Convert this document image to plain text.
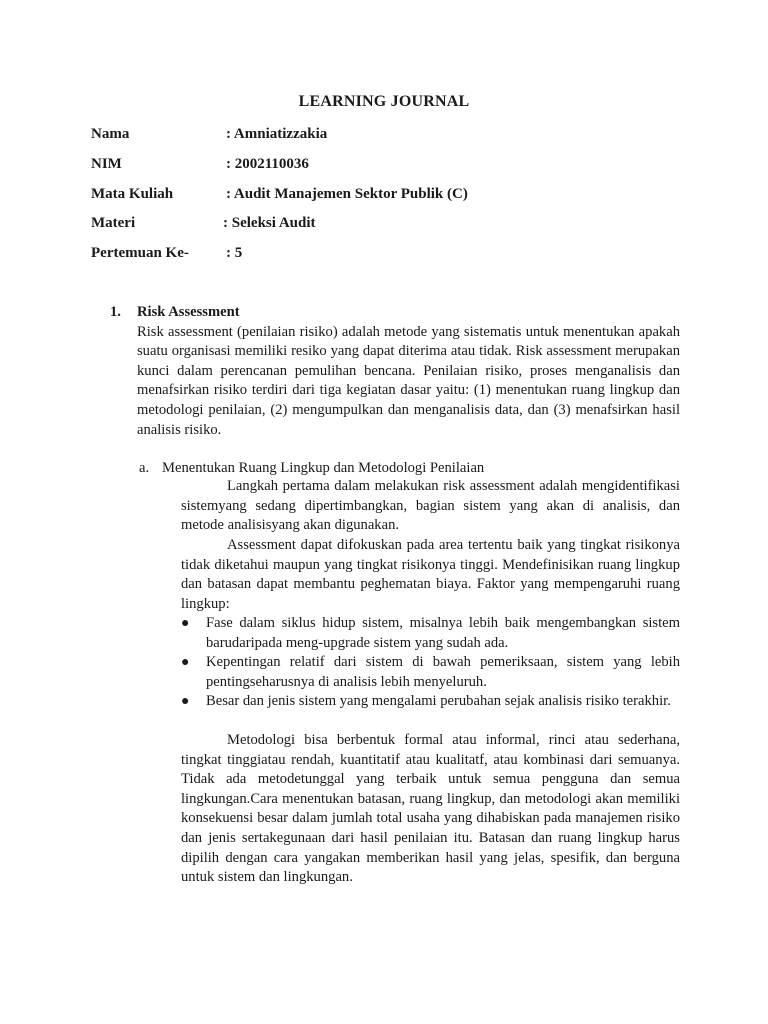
LEARNING JOURNAL
Nama	: Amniatizzakia
NIM	: 2002110036
Mata Kuliah	: Audit Manajemen Sektor Publik (C)
Materi	: Seleksi Audit
Pertemuan Ke- : 5
1. Risk Assessment

Risk assessment (penilaian risiko) adalah metode yang sistematis untuk menentukan apakah suatu organisasi memiliki resiko yang dapat diterima atau tidak. Risk assessment merupakan kunci dalam perencanan pemulihan bencana. Penilaian risiko, proses menganalisis dan menafsirkan risiko terdiri dari tiga kegiatan dasar yaitu: (1) menentukan ruang lingkup dan metodologi penilaian, (2) mengumpulkan dan menganalisis data, dan (3) menafsirkan hasil analisis risiko.

a. Menentukan Ruang Lingkup dan Metodologi Penilaian

Langkah pertama dalam melakukan risk assessment adalah mengidentifikasi sistemyang sedang dipertimbangkan, bagian sistem yang akan di analisis, dan metode analisisyang akan digunakan.

Assessment dapat difokuskan pada area tertentu baik yang tingkat risikonya tidak diketahui maupun yang tingkat risikonya tinggi. Mendefinisikan ruang lingkup dan batasan dapat membantu peghematan biaya. Faktor yang mempengaruhi ruang lingkup:

● Fase dalam siklus hidup sistem, misalnya lebih baik mengembangkan sistem barudaripada meng-upgrade sistem yang sudah ada.
● Kepentingan relatif dari sistem di bawah pemeriksaan, sistem yang lebih pentingseharusnya di analisis lebih menyeluruh.
● Besar dan jenis sistem yang mengalami perubahan sejak analisis risiko terakhir.

Metodologi bisa berbentuk formal atau informal, rinci atau sederhana, tingkat tinggiatau rendah, kuantitatif atau kualitatf, atau kombinasi dari semuanya. Tidak ada metodetunggal yang terbaik untuk semua pengguna dan semua lingkungan.Cara menentukan batasan, ruang lingkup, dan metodologi akan memiliki konsekuensi besar dalam jumlah total usaha yang dihabiskan pada manajemen risiko dan jenis sertakegunaan dari hasil penilaian itu. Batasan dan ruang lingkup harus dipilih dengan cara yangakan memberikan hasil yang jelas, spesifik, dan berguna untuk sistem dan lingkungan.
